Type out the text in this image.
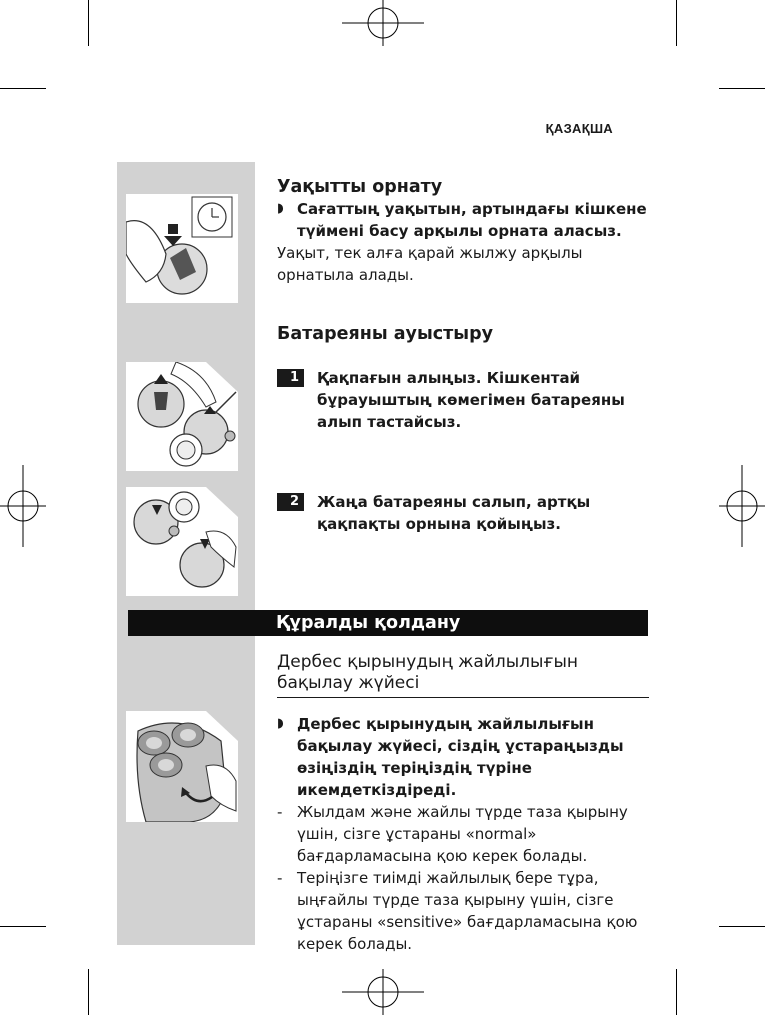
ҚАЗАҚША
Уақытты орнату
◗ Сағаттың уақытын, артындағы кішкене түймені басу арқылы орната аласыз.
Уақыт, тек алға қарай жылжу арқылы орнатыла алады.
Батареяны ауыстыру
1	Қақпағын алыңыз. Кішкентай бұрауыштың көмегімен батареяны алып тастайсыз.
2	Жаңа батареяны салып, артқы қақпақты орнына қойыңыз.
Құралды қолдану
Дербес қырынудың жайлылығын бақылау жүйесі
◗ Дербес қырынудың жайлылығын бақылау жүйесі, сіздің ұстараңызды өзіңіздің теріңіздің түріне икемдеткіздіреді.
- Жылдам және жайлы түрде таза қырыну үшін, сізге ұстараны «normal» бағдарламасына қою керек болады.
- Теріңізге тиімді жайлылық бере тұра, ыңғайлы түрде таза қырыну үшін, сізге ұстараны «sensitive» бағдарламасына қою керек болады.
